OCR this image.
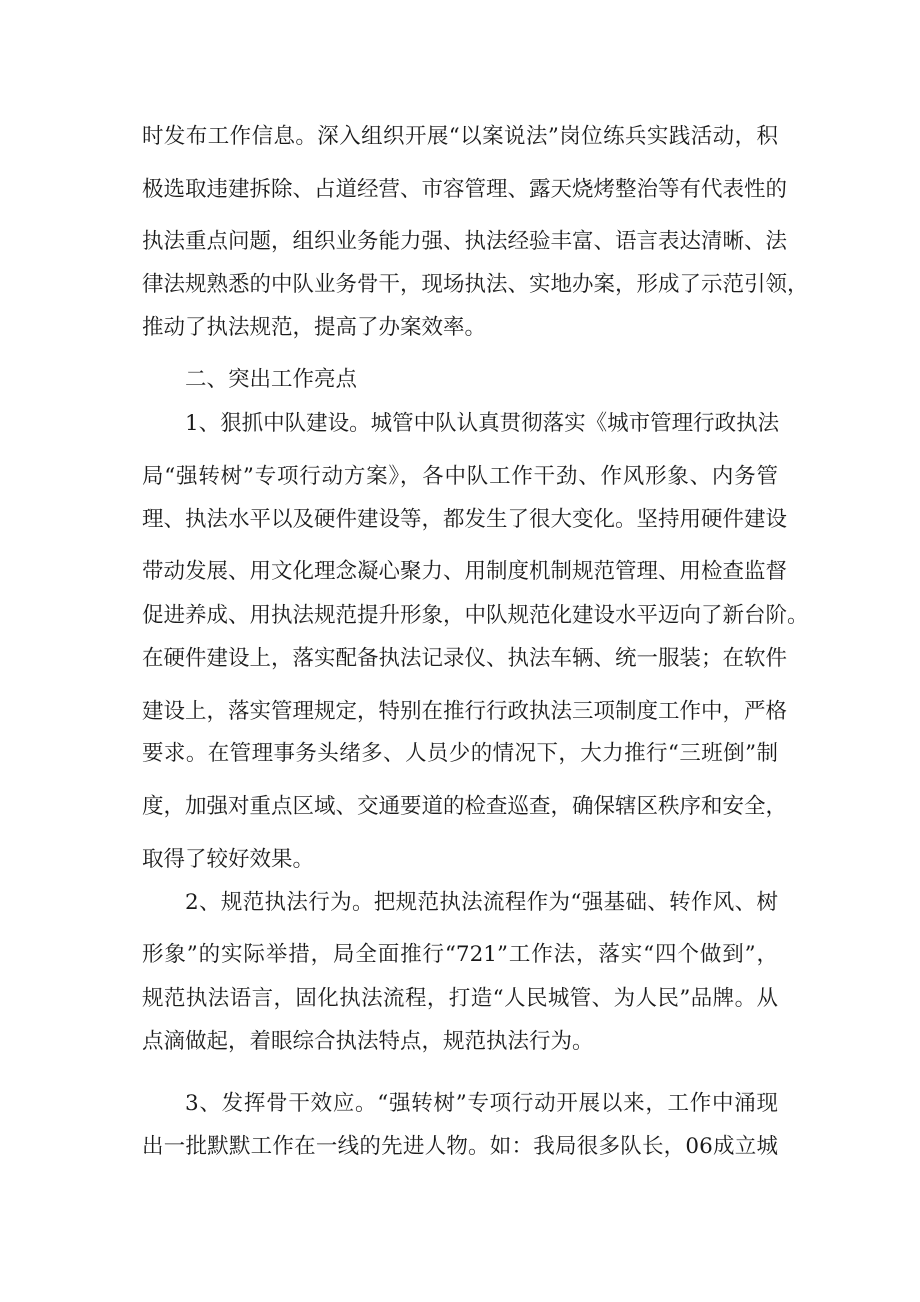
时发布工作信息。深入组织开展“以案说法”岗位练兵实践活动，积
极选取违建拆除、占道经营、市容管理、露天烧烤整治等有代表性的
执法重点问题，组织业务能力强、执法经验丰富、语言表达清晰、法
律法规熟悉的中队业务骨干，现场执法、实地办案，形成了示范引领，
推动了执法规范，提高了办案效率。
二、突出工作亮点
1、狠抓中队建设。城管中队认真贯彻落实《城市管理行政执法
局“强转树”专项行动方案》，各中队工作干劲、作风形象、内务管
理、执法水平以及硬件建设等，都发生了很大变化。坚持用硬件建设
带动发展、用文化理念凝心聚力、用制度机制规范管理、用检查监督
促进养成、用执法规范提升形象，中队规范化建设水平迈向了新台阶。
在硬件建设上，落实配备执法记录仪、执法车辆、统一服装；在软件
建设上，落实管理规定，特别在推行行政执法三项制度工作中，严格
要求。在管理事务头绪多、人员少的情况下，大力推行“三班倒”制
度，加强对重点区域、交通要道的检查巡查，确保辖区秩序和安全，
取得了较好效果。
2、规范执法行为。把规范执法流程作为“强基础、转作风、树
形象”的实际举措，局全面推行“721”工作法，落实“四个做到”，
规范执法语言，固化执法流程，打造“人民城管、为人民”品牌。从
点滴做起，着眼综合执法特点，规范执法行为。
3、发挥骨干效应。“强转树”专项行动开展以来，工作中涌现
出一批默默工作在一线的先进人物。如：我局很多队长，06成立城
